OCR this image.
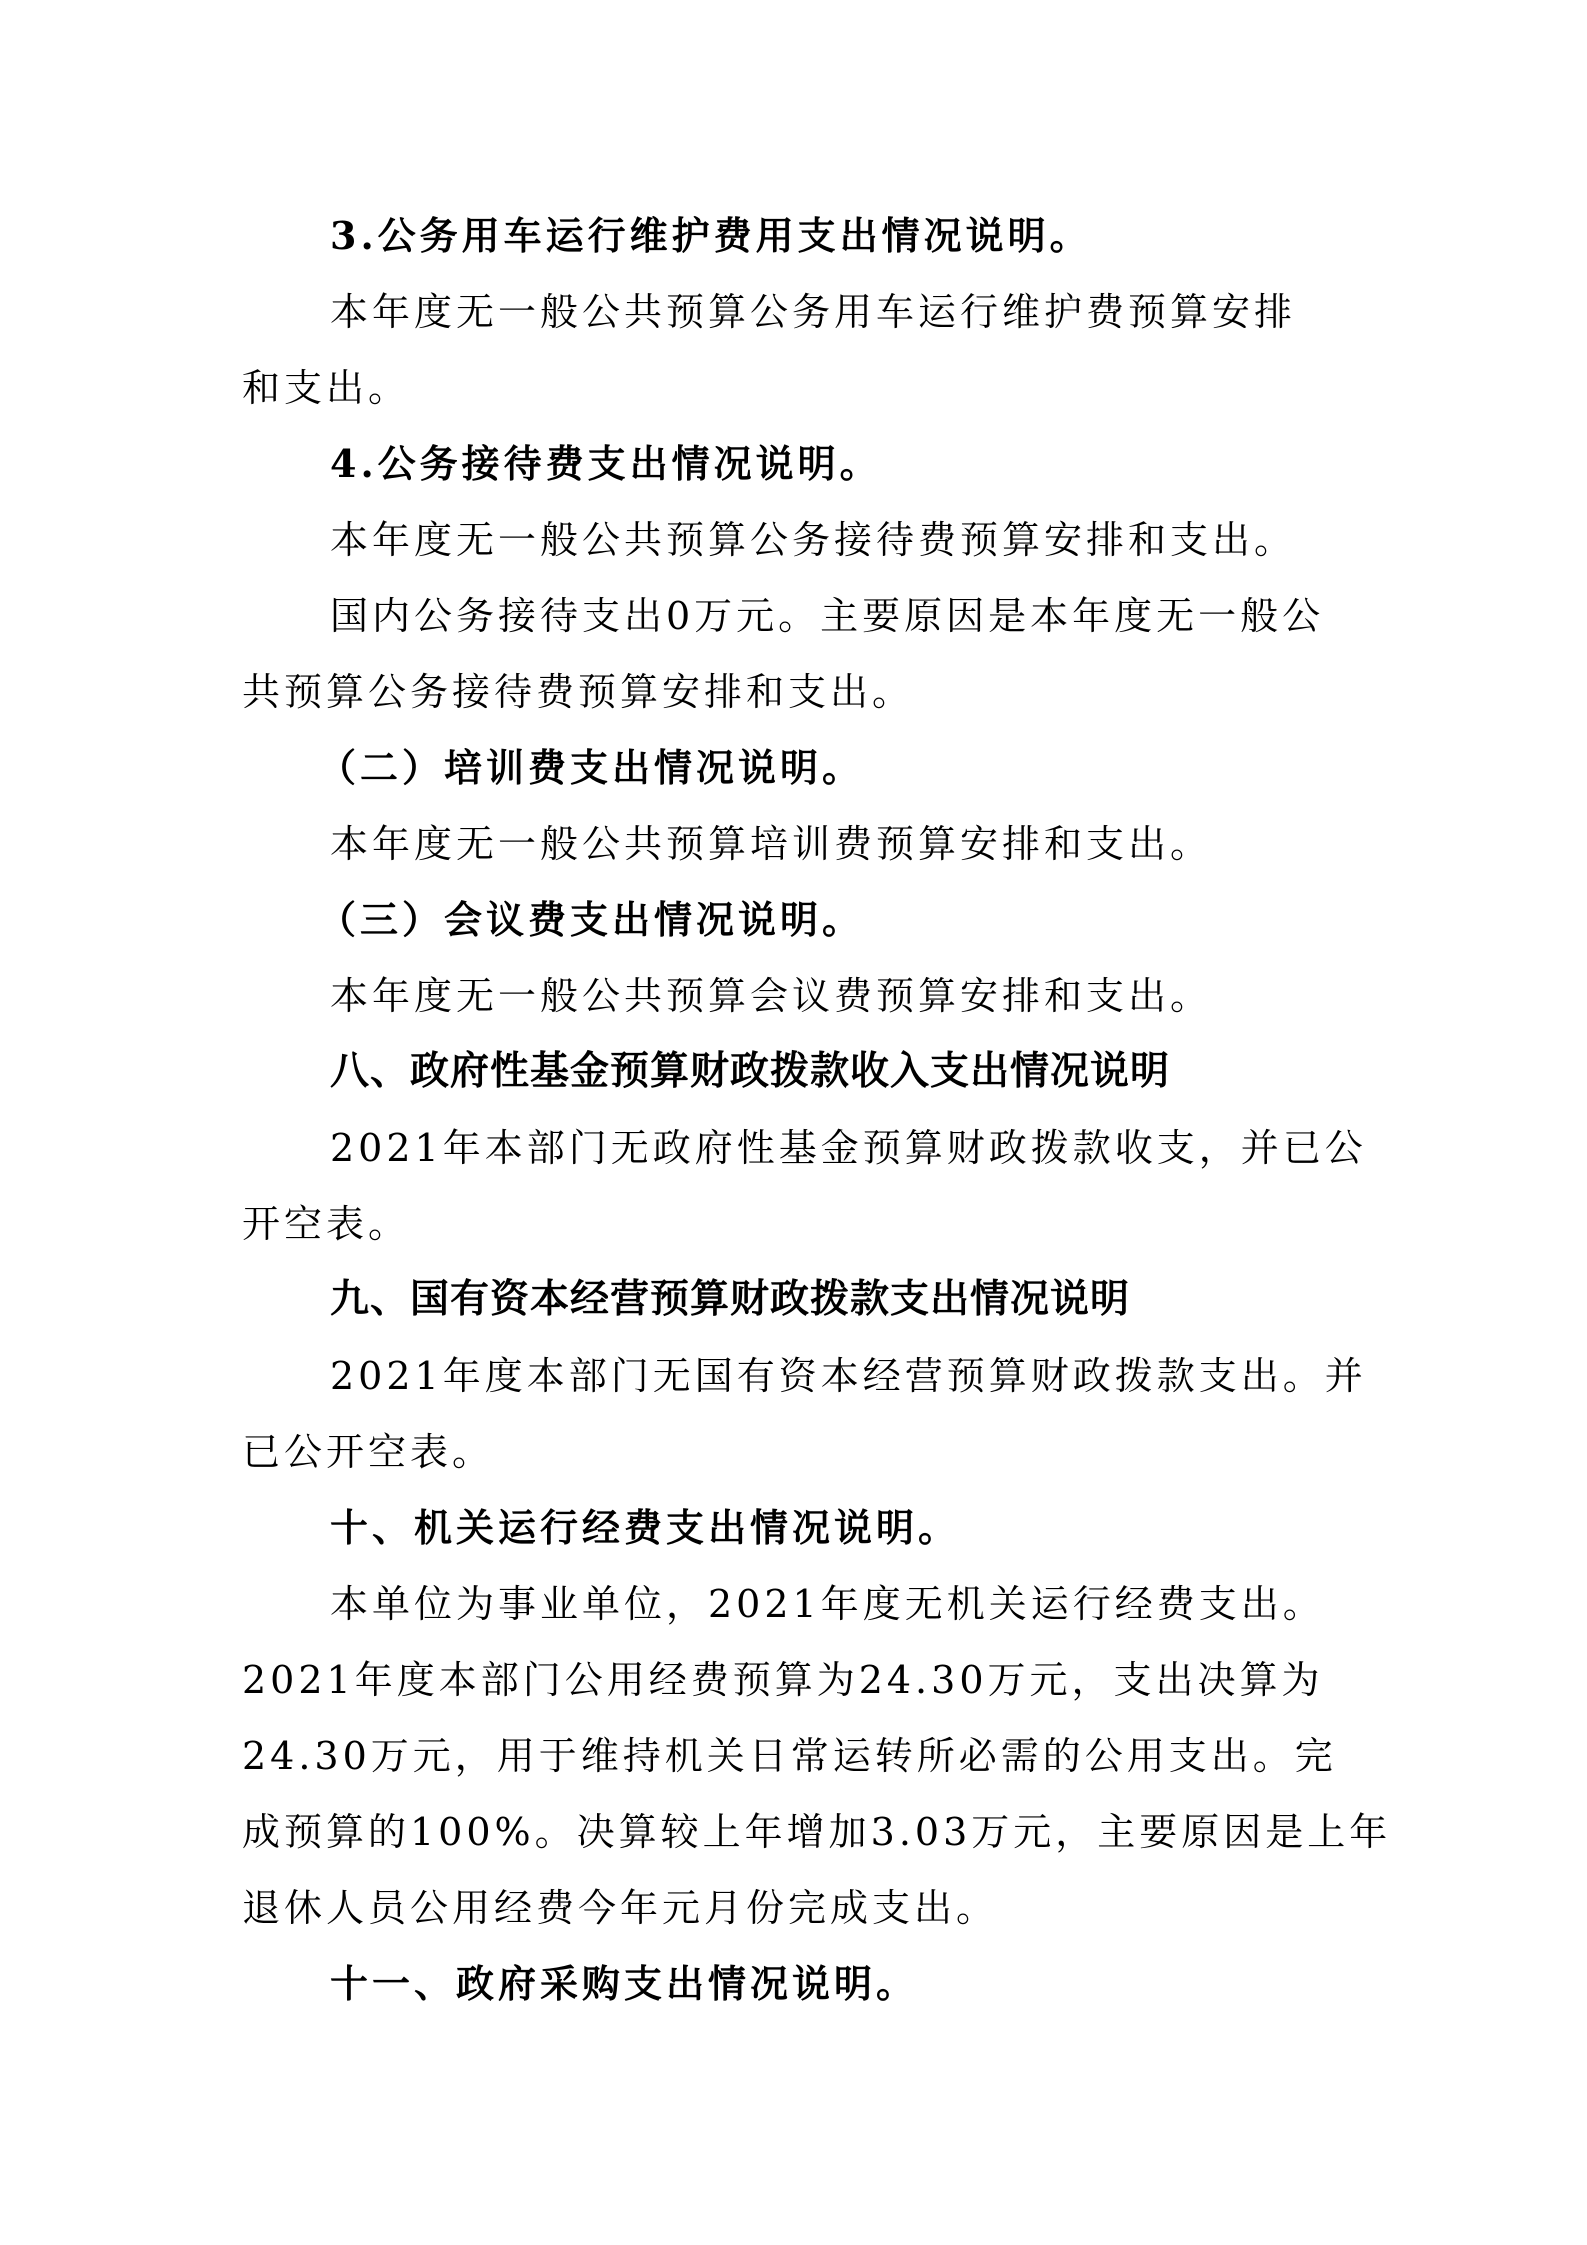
3.公务用车运行维护费用支出情况说明。
本年度无一般公共预算公务用车运行维护费预算安排
和支出。
4.公务接待费支出情况说明。
本年度无一般公共预算公务接待费预算安排和支出。
国内公务接待支出0万元。主要原因是本年度无一般公
共预算公务接待费预算安排和支出。
（二）培训费支出情况说明。
本年度无一般公共预算培训费预算安排和支出。
（三）会议费支出情况说明。
本年度无一般公共预算会议费预算安排和支出。
八、政府性基金预算财政拨款收入支出情况说明
2021年本部门无政府性基金预算财政拨款收支，并已公
开空表。
九、国有资本经营预算财政拨款支出情况说明
2021年度本部门无国有资本经营预算财政拨款支出。并
已公开空表。
十、机关运行经费支出情况说明。
本单位为事业单位，2021年度无机关运行经费支出。
2021年度本部门公用经费预算为24.30万元，支出决算为
24.30万元，用于维持机关日常运转所必需的公用支出。完
成预算的100%。决算较上年增加3.03万元，主要原因是上年
退休人员公用经费今年元月份完成支出。
十一、政府采购支出情况说明。
